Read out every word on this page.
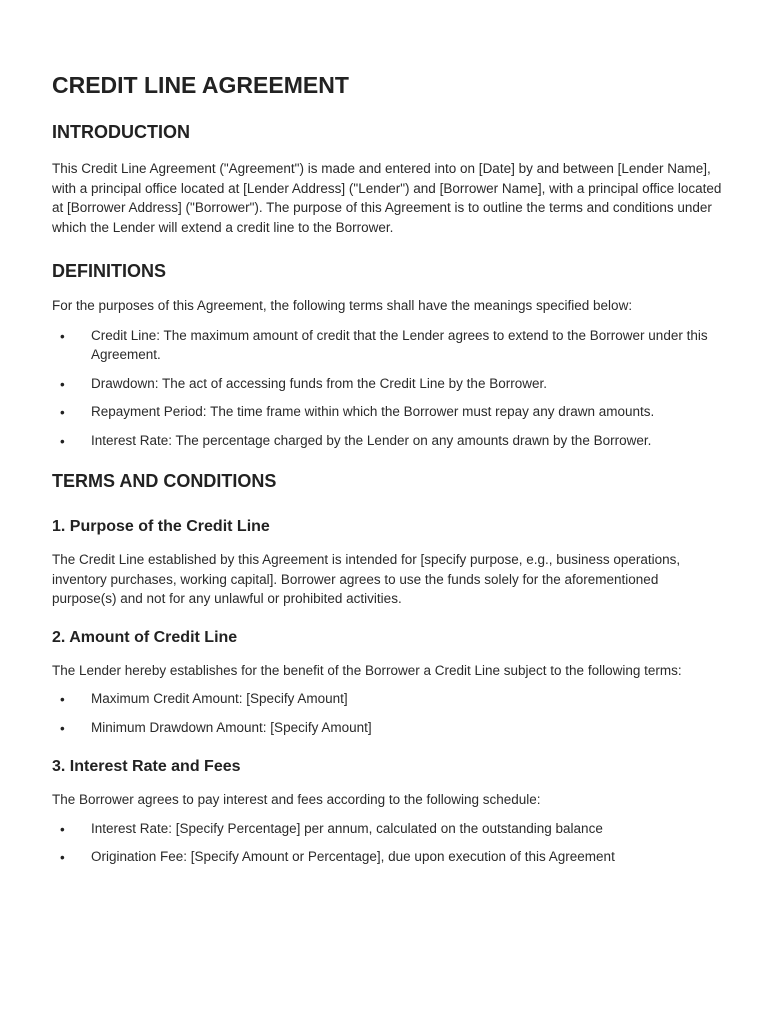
CREDIT LINE AGREEMENT
INTRODUCTION

This Credit Line Agreement ("Agreement") is made and entered into on [Date] by and between [Lender Name], with a principal office located at [Lender Address] ("Lender") and [Borrower Name], with a principal office located at [Borrower Address] ("Borrower"). The purpose of this Agreement is to outline the terms and conditions under which the Lender will extend a credit line to the Borrower.

DEFINITIONS

For the purposes of this Agreement, the following terms shall have the meanings specified below:

• Credit Line: The maximum amount of credit that the Lender agrees to extend to the Borrower under this Agreement.
• Drawdown: The act of accessing funds from the Credit Line by the Borrower.
• Repayment Period: The time frame within which the Borrower must repay any drawn amounts.
• Interest Rate: The percentage charged by the Lender on any amounts drawn by the Borrower.
TERMS AND CONDITIONS
1. Purpose of the Credit Line

The Credit Line established by this Agreement is intended for [specify purpose, e.g., business operations, inventory purchases, working capital]. Borrower agrees to use the funds solely for the aforementioned purpose(s) and not for any unlawful or prohibited activities.

2. Amount of Credit Line

The Lender hereby establishes for the benefit of the Borrower a Credit Line subject to the following terms:

• Maximum Credit Amount: [Specify Amount]
• Minimum Drawdown Amount: [Specify Amount]
3. Interest Rate and Fees

The Borrower agrees to pay interest and fees according to the following schedule:

• Interest Rate: [Specify Percentage] per annum, calculated on the outstanding balance
• Origination Fee: [Specify Amount or Percentage], due upon execution of this Agreement
